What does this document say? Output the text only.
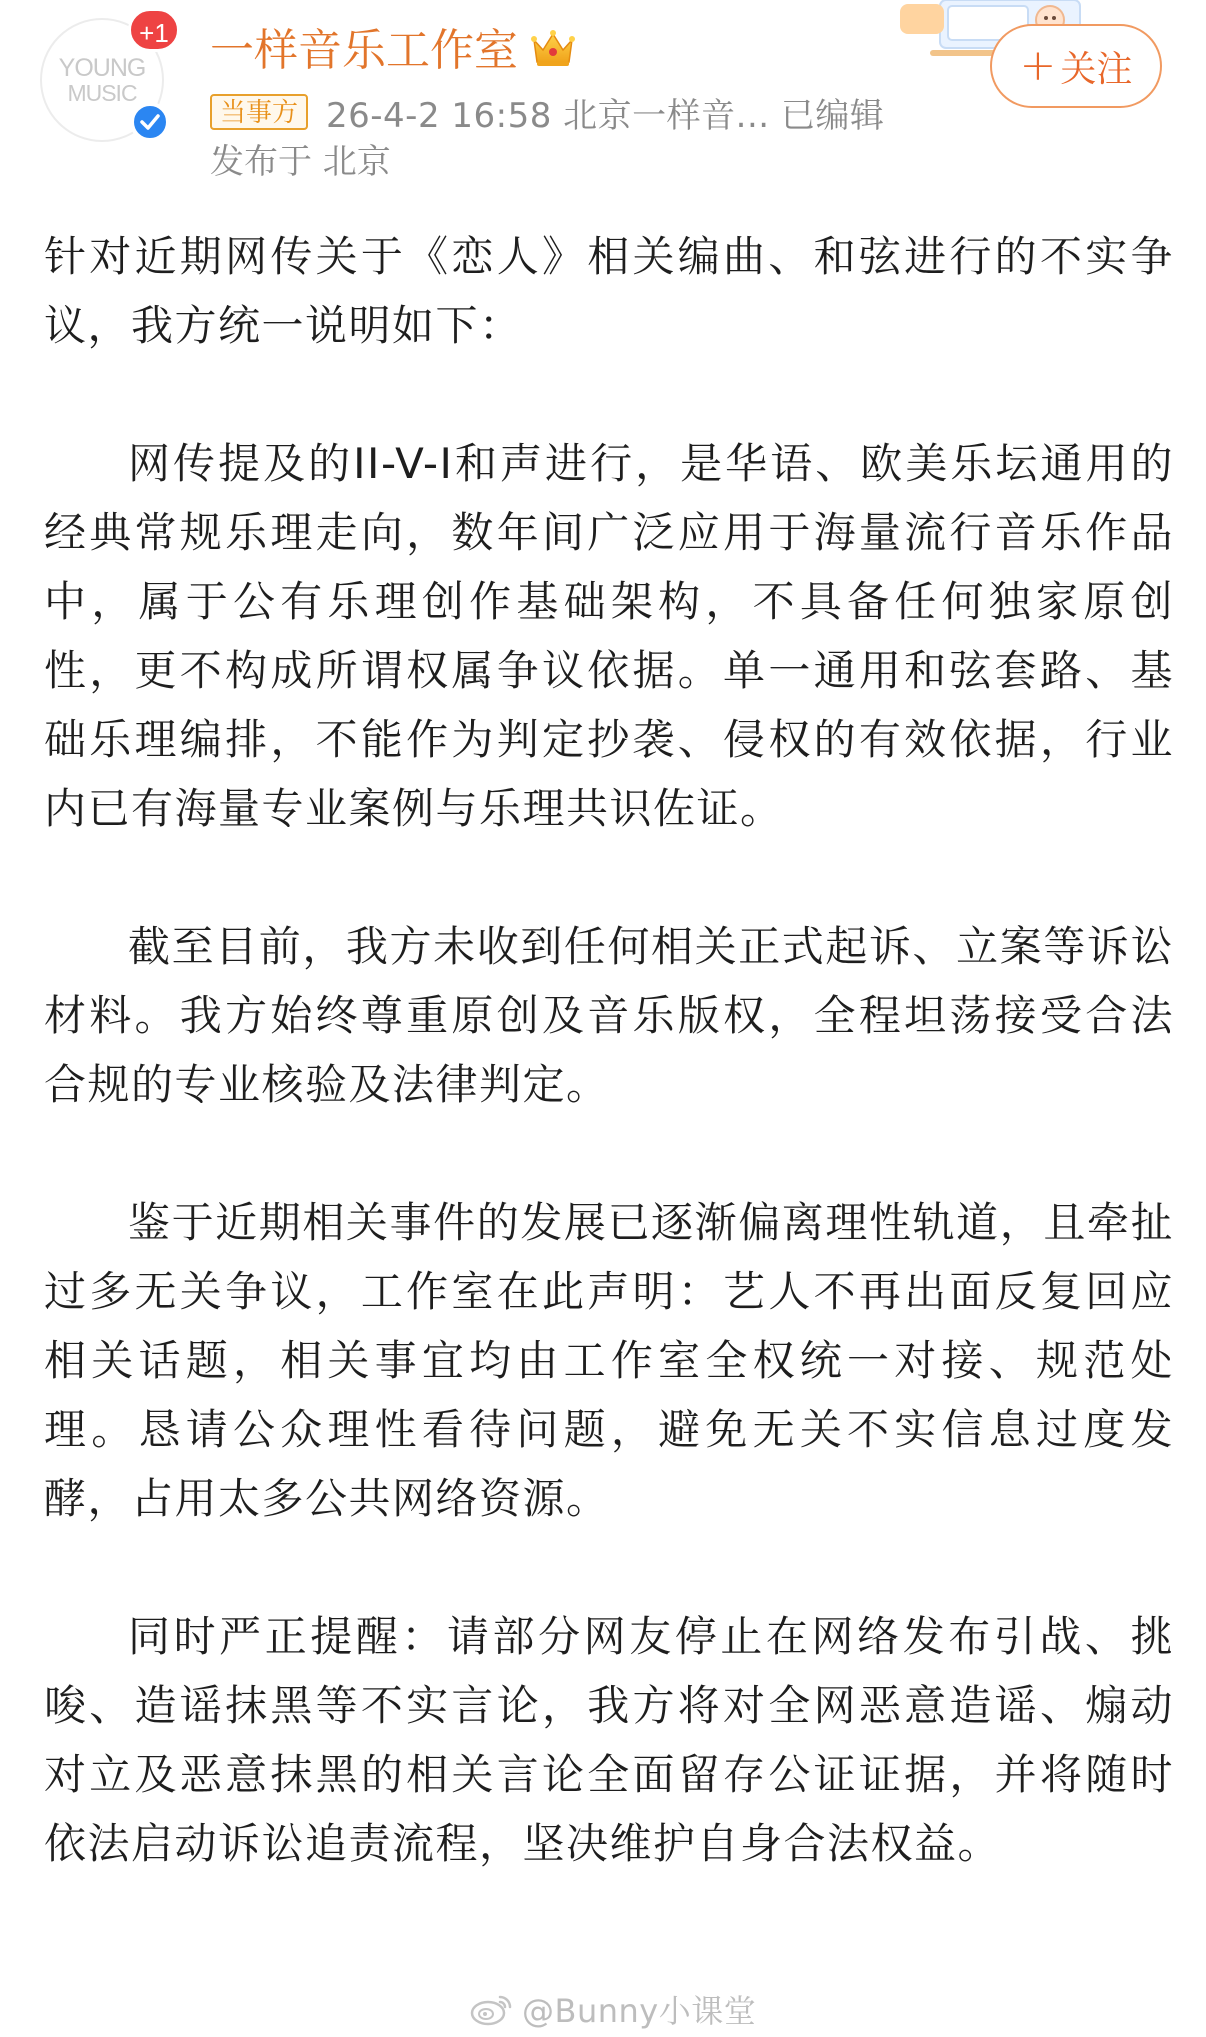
YOUNG
MUSIC
+1 一样音乐工作室
当事方 26-4-2 16:58 北京一样音... 已编辑
发布于 北京
+ 关注

针对近期网传关于《恋人》相关编曲、和弦进行的不实争议，我方统一说明如下：

网传提及的II-V-I和声进行，是华语、欧美乐坛通用的经典常规乐理走向，数年间广泛应用于海量流行音乐作品中，属于公有乐理创作基础架构，不具备任何独家原创性，更不构成所谓权属争议依据。单一通用和弦套路、基础乐理编排，不能作为判定抄袭、侵权的有效依据，行业内已有海量专业案例与乐理共识佐证。

截至目前，我方未收到任何相关正式起诉、立案等诉讼材料。我方始终尊重原创及音乐版权，全程坦荡接受合法合规的专业核验及法律判定。

鉴于近期相关事件的发展已逐渐偏离理性轨道，且牵扯过多无关争议，工作室在此声明：艺人不再出面反复回应相关话题，相关事宜均由工作室全权统一对接、规范处理。恳请公众理性看待问题，避免无关不实信息过度发酵，占用太多公共网络资源。

同时严正提醒：请部分网友停止在网络发布引战、挑唆、造谣抹黑等不实言论，我方将对全网恶意造谣、煽动对立及恶意抹黑的相关言论全面留存公证证据，并将随时依法启动诉讼追责流程，坚决维护自身合法权益。

@Bunny小课堂
